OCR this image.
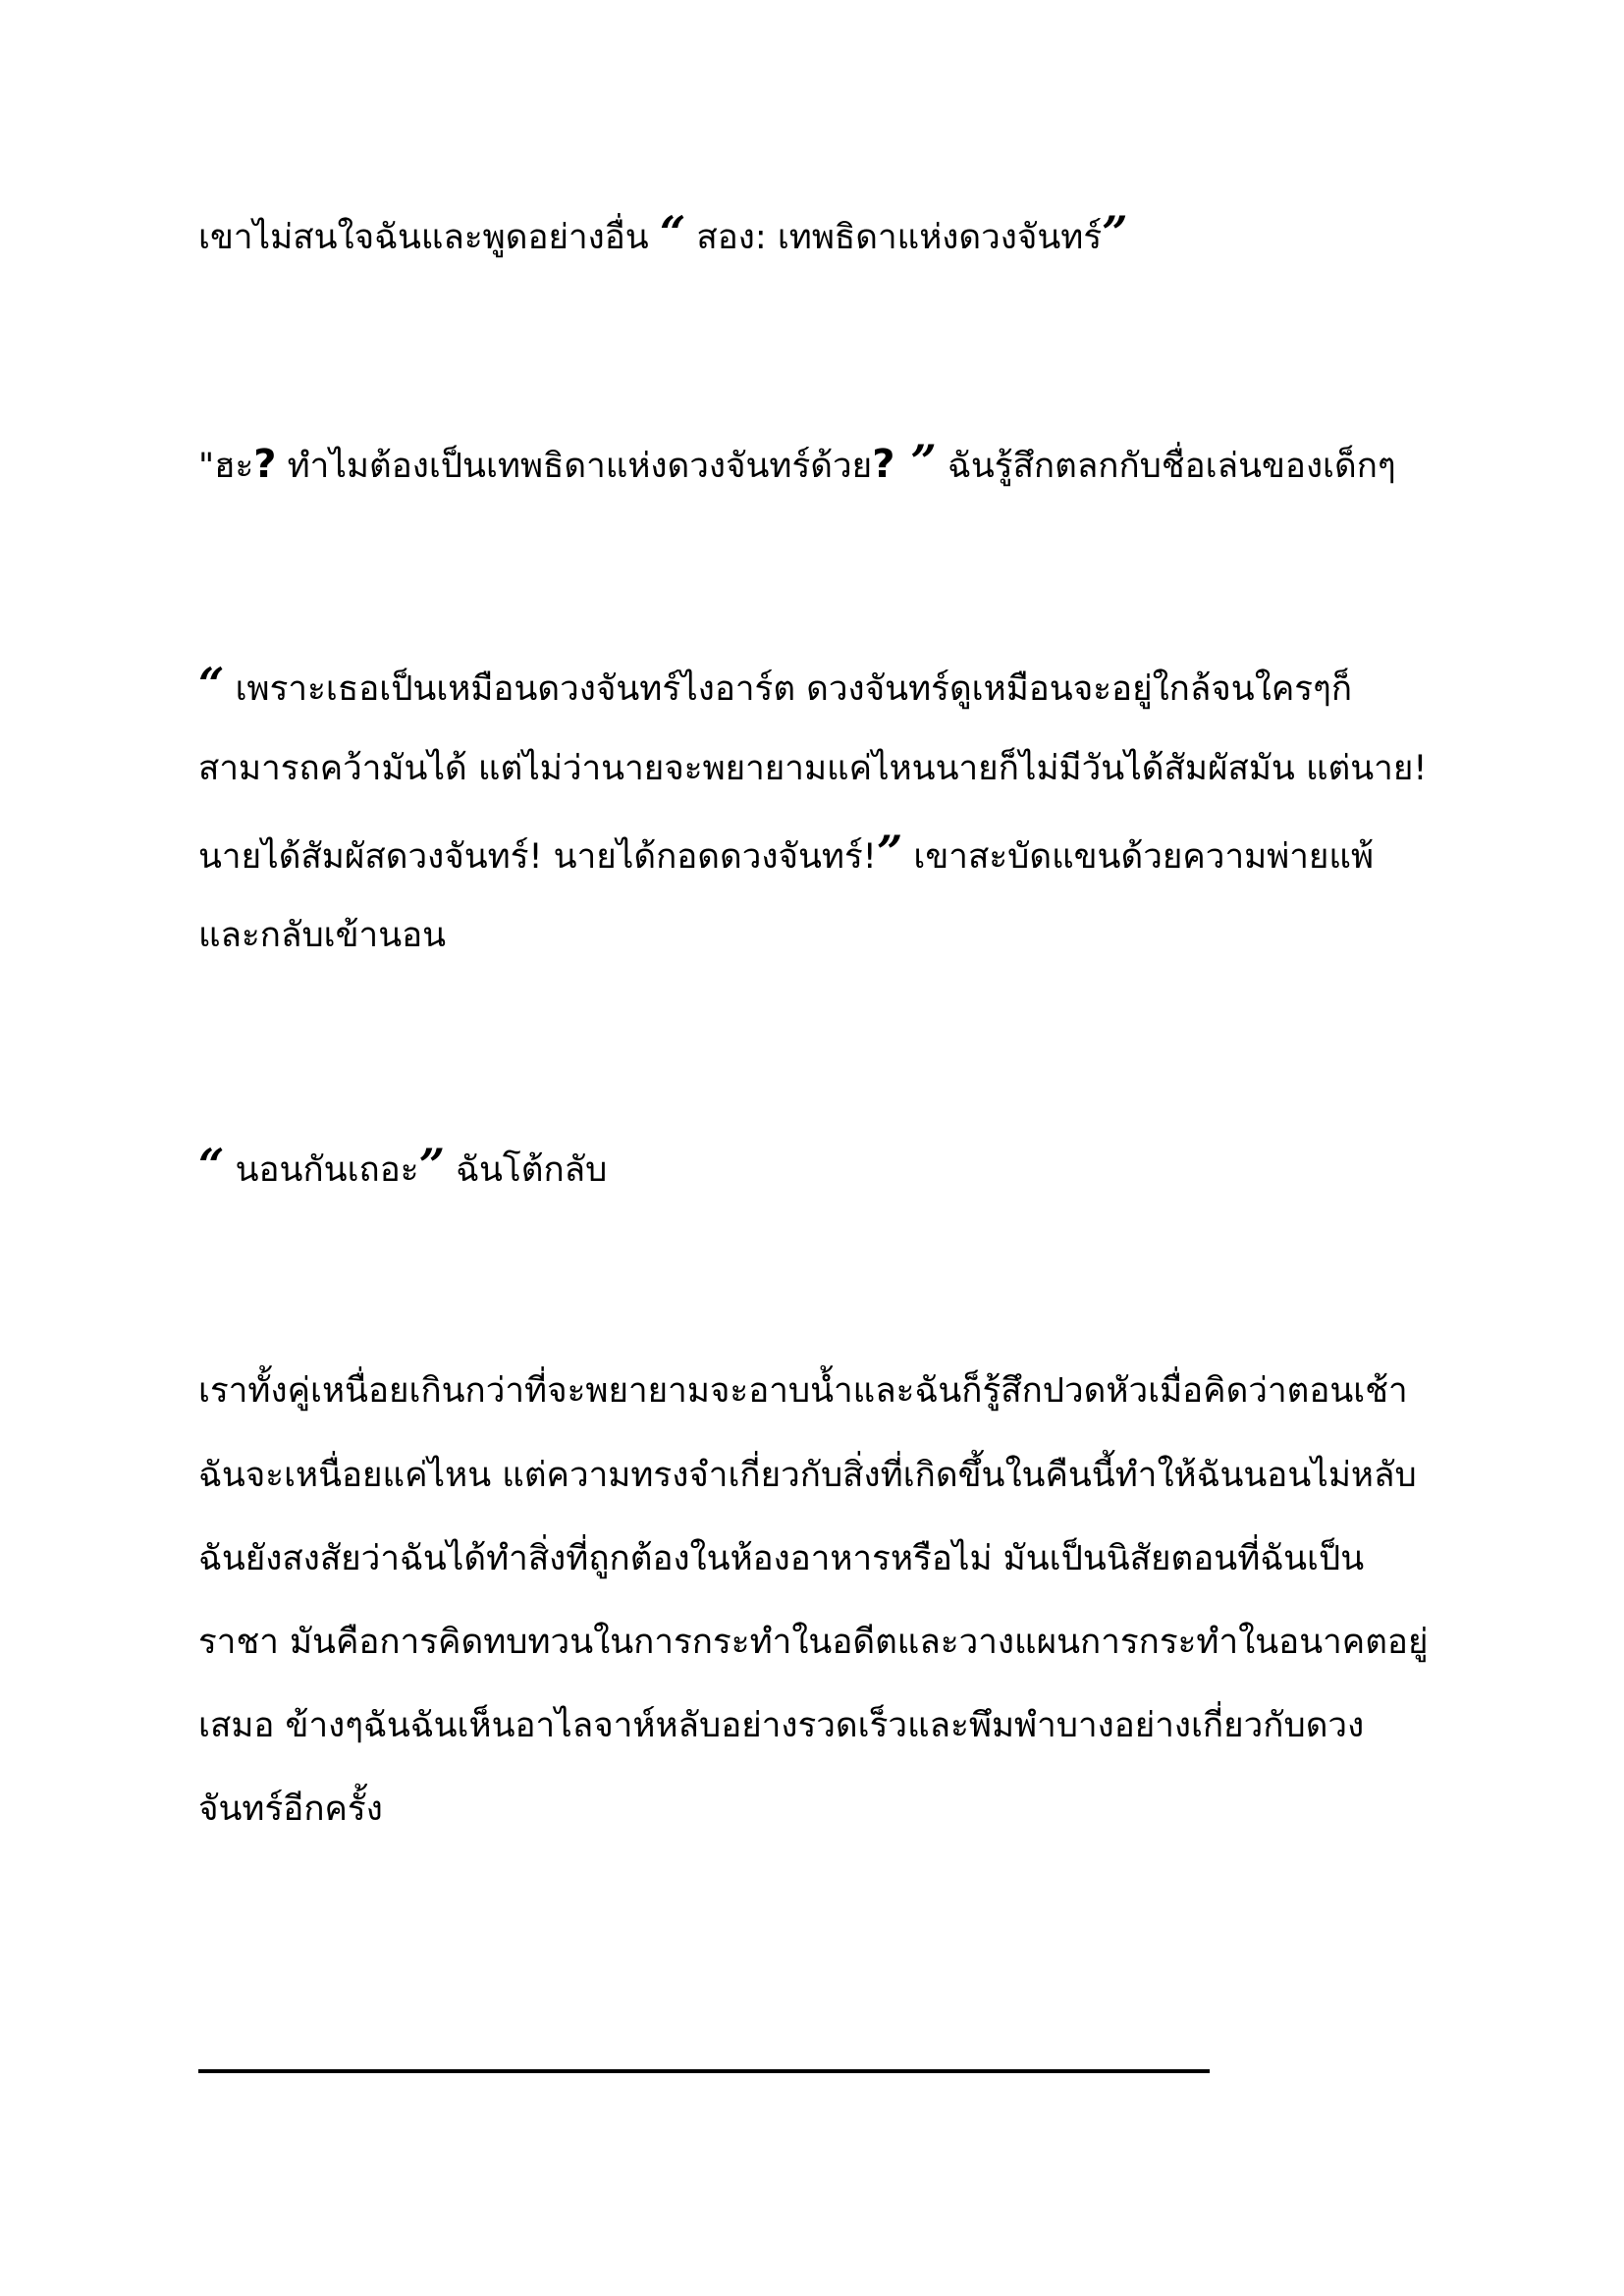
เขาไม่สนใจฉันและพูดอย่างอื่น “ สอง: เทพธิดาแห่งดวงจันทร์”
"ฮะ? ทำไมต้องเป็นเทพธิดาแห่งดวงจันทร์ด้วย? ” ฉันรู้สึกตลกกับชื่อเล่นของเด็กๆ
“ เพราะเธอเป็นเหมือนดวงจันทร์ไงอาร์ต ดวงจันทร์ดูเหมือนจะอยู่ใกล้จนใครๆก็
สามารถคว้ามันได้ แต่ไม่ว่านายจะพยายามแค่ไหนนายก็ไม่มีวันได้สัมผัสมัน แต่นาย!
นายได้สัมผัสดวงจันทร์! นายได้กอดดวงจันทร์!” เขาสะบัดแขนด้วยความพ่ายแพ้
และกลับเข้านอน
“ นอนกันเถอะ” ฉันโต้กลับ
เราทั้งคู่เหนื่อยเกินกว่าที่จะพยายามจะอาบน้ำและฉันก็รู้สึกปวดหัวเมื่อคิดว่าตอนเช้า
ฉันจะเหนื่อยแค่ไหน แต่ความทรงจำเกี่ยวกับสิ่งที่เกิดขึ้นในคืนนี้ทำให้ฉันนอนไม่หลับ
ฉันยังสงสัยว่าฉันได้ทำสิ่งที่ถูกต้องในห้องอาหารหรือไม่ มันเป็นนิสัยตอนที่ฉันเป็น
ราชา มันคือการคิดทบทวนในการกระทำในอดีตและวางแผนการกระทำในอนาคตอยู่
เสมอ ข้างๆฉันฉันเห็นอาไลจาห์หลับอย่างรวดเร็วและพึมพำบางอย่างเกี่ยวกับดวง
จันทร์อีกครั้ง
